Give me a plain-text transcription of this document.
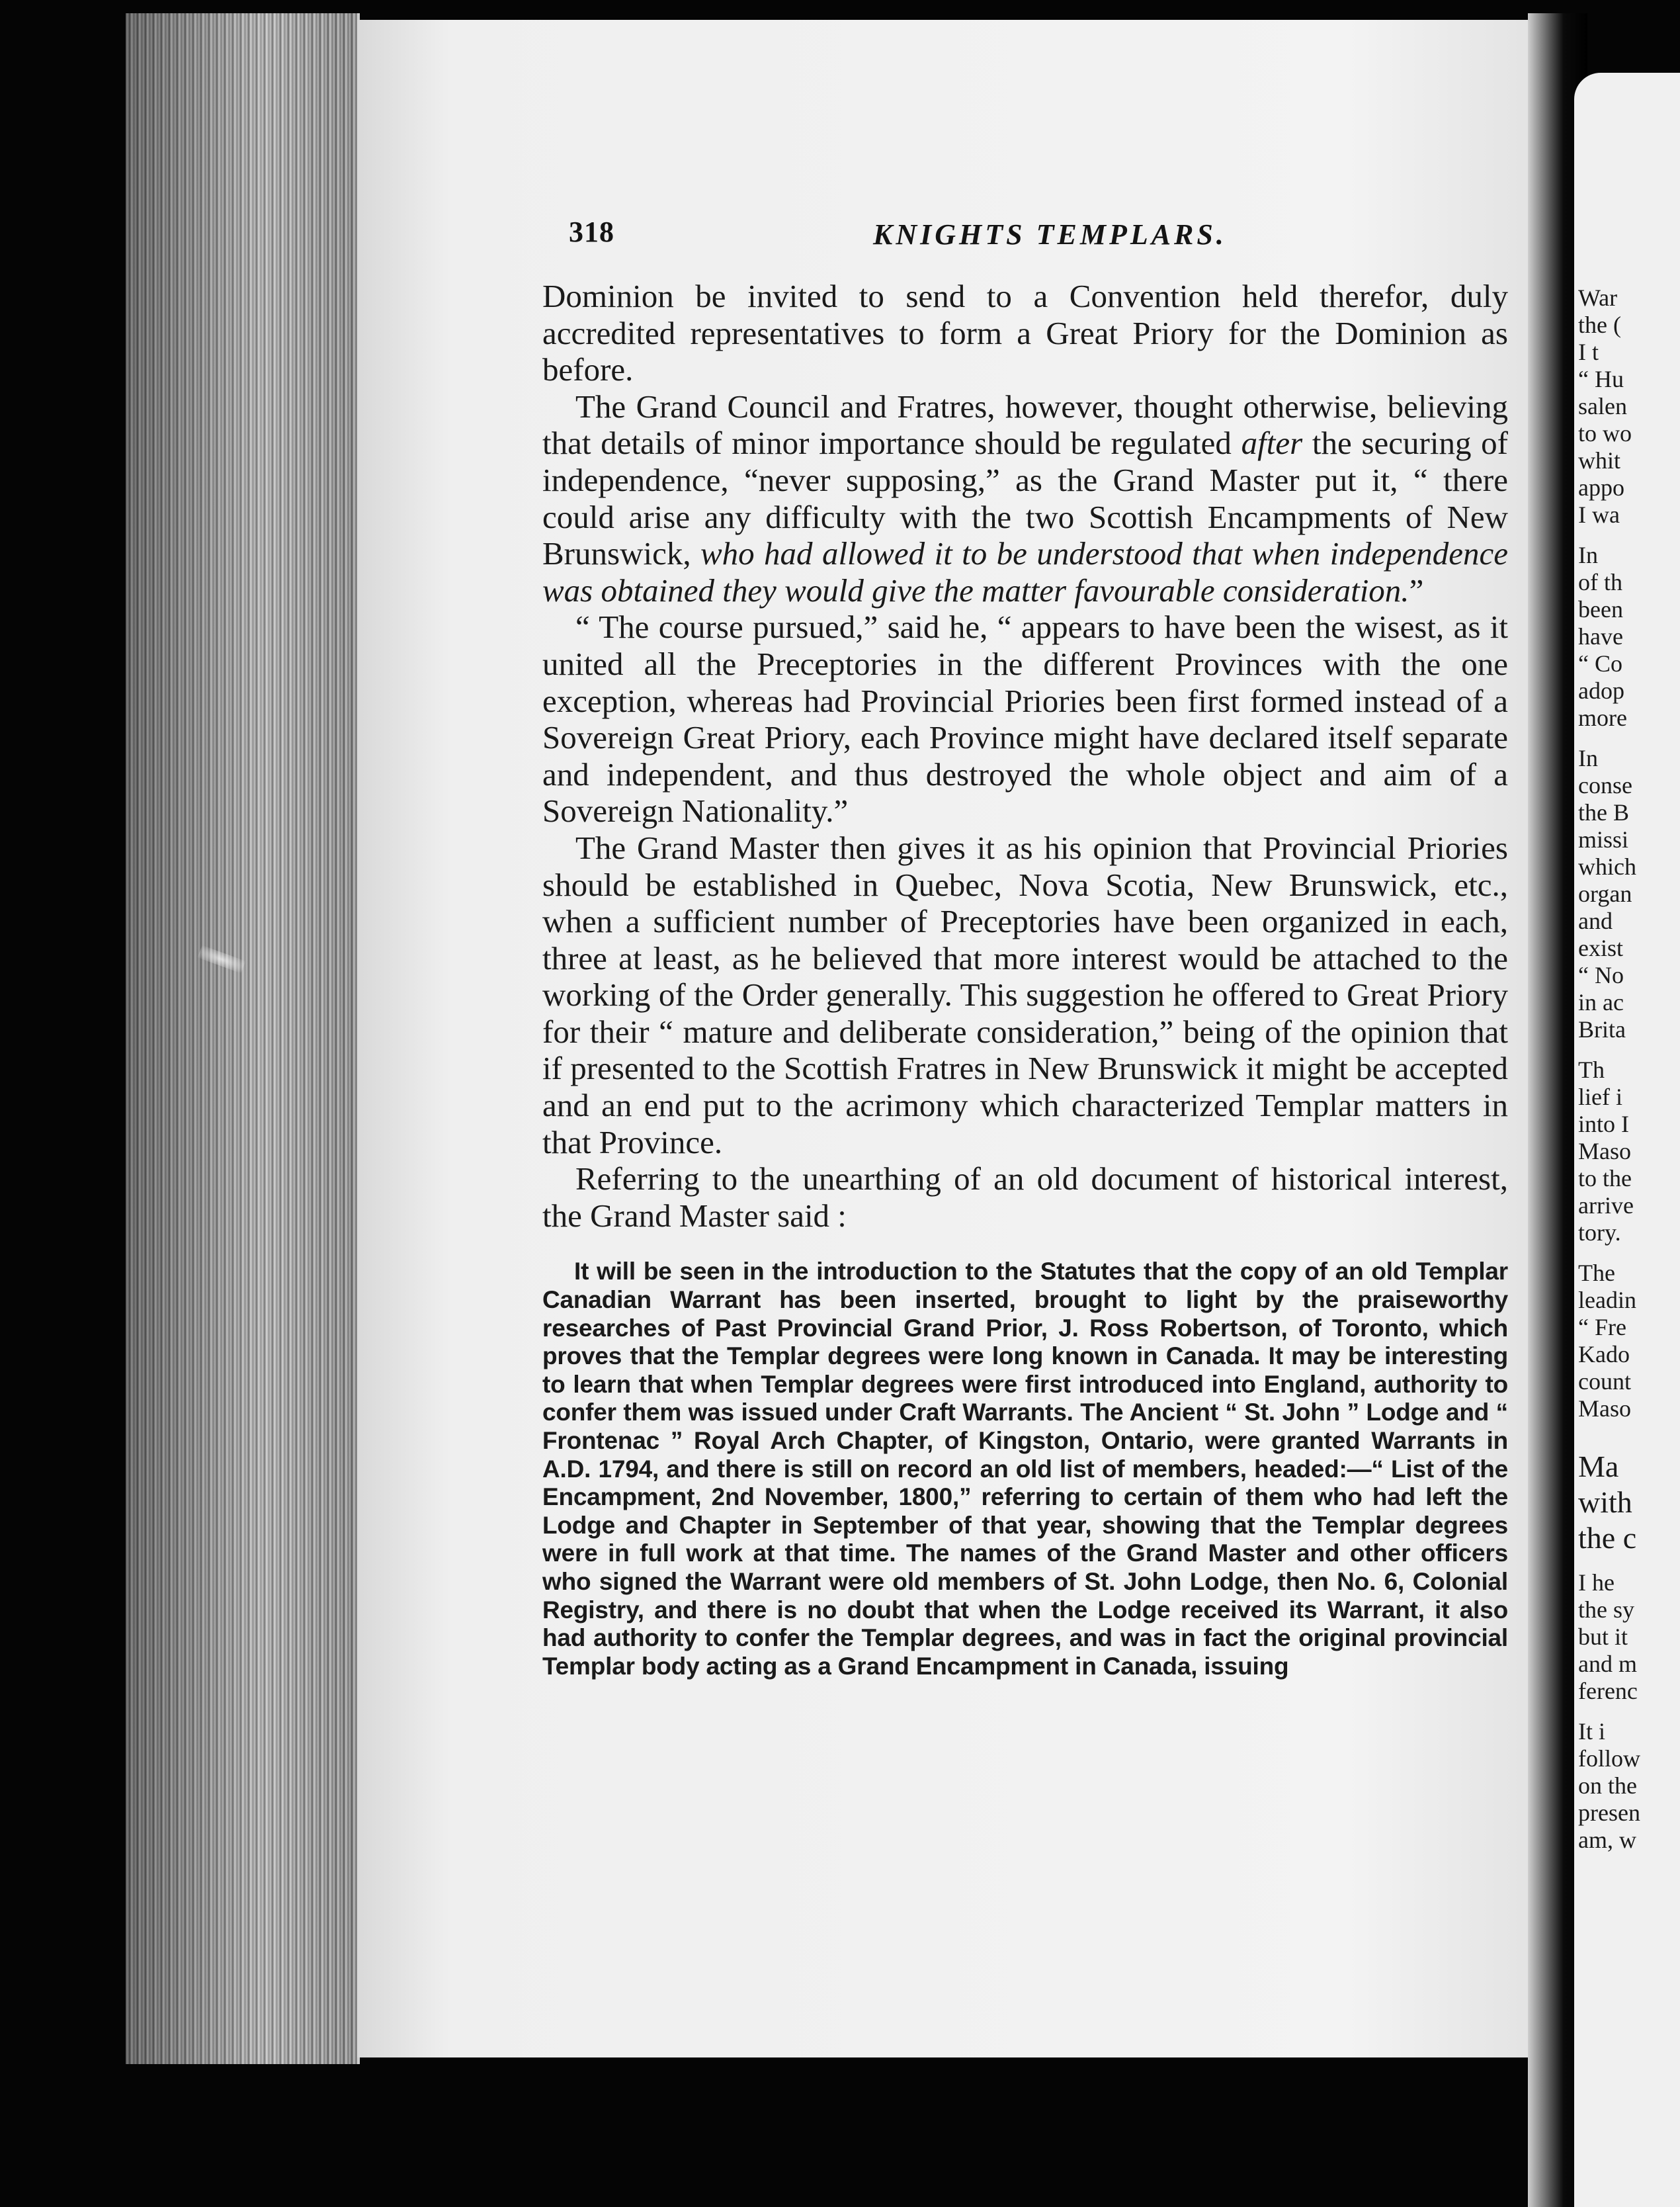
318	KNIGHTS TEMPLARS.

Dominion be invited to send to a Convention held therefor, duly accredited representatives to form a Great Priory for the Dominion as before.

The Grand Council and Fratres, however, thought otherwise, believing that details of minor importance should be regulated after the securing of independence, “never supposing,” as the Grand Master put it, “ there could arise any difficulty with the two Scottish Encampments of New Brunswick, who had allowed it to be understood that when independence was obtained they would give the matter favourable consideration.”

“ The course pursued,” said he, “ appears to have been the wisest, as it united all the Preceptories in the different Provinces with the one exception, whereas had Provincial Priories been first formed instead of a Sovereign Great Priory, each Province might have declared itself separate and independent, and thus destroyed the whole object and aim of a Sovereign Nationality.”

The Grand Master then gives it as his opinion that Provincial Priories should be established in Quebec, Nova Scotia, New Brunswick, etc., when a sufficient number of Preceptories have been organized in each, three at least, as he believed that more interest would be attached to the working of the Order generally. This suggestion he offered to Great Priory for their “ mature and deliberate consideration,” being of the opinion that if presented to the Scottish Fratres in New Brunswick it might be accepted and an end put to the acrimony which characterized Templar matters in that Province.

Referring to the unearthing of an old document of historical interest, the Grand Master said :

It will be seen in the introduction to the Statutes that the copy of an old Templar Canadian Warrant has been inserted, brought to light by the praiseworthy researches of Past Provincial Grand Prior, J. Ross Robertson, of Toronto, which proves that the Templar degrees were long known in Canada. It may be interesting to learn that when Templar degrees were first introduced into England, authority to confer them was issued under Craft Warrants. The Ancient “ St. John ” Lodge and “ Frontenac ” Royal Arch Chapter, of Kingston, Ontario, were granted Warrants in A.D. 1794, and there is still on record an old list of members, headed:—“ List of the Encampment, 2nd November, 1800,” referring to certain of them who had left the Lodge and Chapter in September of that year, showing that the Templar degrees were in full work at that time. The names of the Grand Master and other officers who signed the Warrant were old members of St. John Lodge, then No. 6, Colonial Registry, and there is no doubt that when the Lodge received its Warrant, it also had authority to confer the Templar degrees, and was in fact the original provincial Templar body acting as a Grand Encampment in Canada, issuing

War
the (
I t
“ Hu
salen
to wo
whit
appo
I wa
In
of th
been
have
“ Co
adop
more
In
conse
the B
missi
which
organ
and
exist
“ No
in ac
Brita
Th
lief i
into I
Maso
to the
arrive
tory.
The
leadin
“ Fre
Kado
count
Maso
Ma
with
the c
I he
the sy
but it
and m
ferenc
It i
follow
on the
presen
am, w
